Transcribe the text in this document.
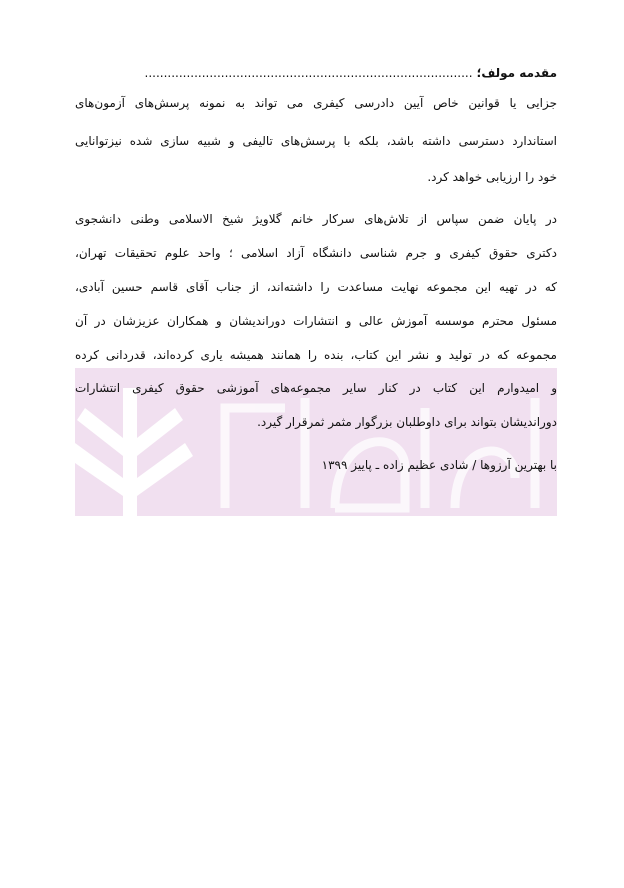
مقدمه مولف؛......................................................................................
جزایی یا قوانین خاص آیین دادرسی کیفری می تواند به نمونه پرسش‌های آزمون‌های
استاندارد دسترسی داشته باشد، بلکه با پرسش‌های تالیفی و شبیه سازی شده نیزتوانایی
خود را ارزیابی خواهد کرد.
در پایان ضمن سپاس از تلاش‌های سرکار خانم گلاویژ شیخ الاسلامی وطنی دانشجوی
دکتری حقوق کیفری و جرم شناسی دانشگاه آزاد اسلامی ؛ واحد علوم تحقیقات تهران،
که در تهیه این مجموعه نهایت مساعدت را داشته‌اند، از جناب آقای قاسم حسین آبادی،
مسئول محترم موسسه آموزش عالی و انتشارات دوراندیشان و همکاران عزیزشان در آن
مجموعه که در تولید و نشر این کتاب، بنده را همانند همیشه یاری کرده‌اند، قدردانی کرده
و امیدوارم این کتاب در کنار سایر مجموعه‌های آموزشی حقوق کیفری انتشارات
دوراندیشان بتواند برای داوطلبان بزرگوار مثمر ثمرقرار گیرد.
با بهترین آرزوها / شادی عظیم زاده ـ پاییز ۱۳۹۹
